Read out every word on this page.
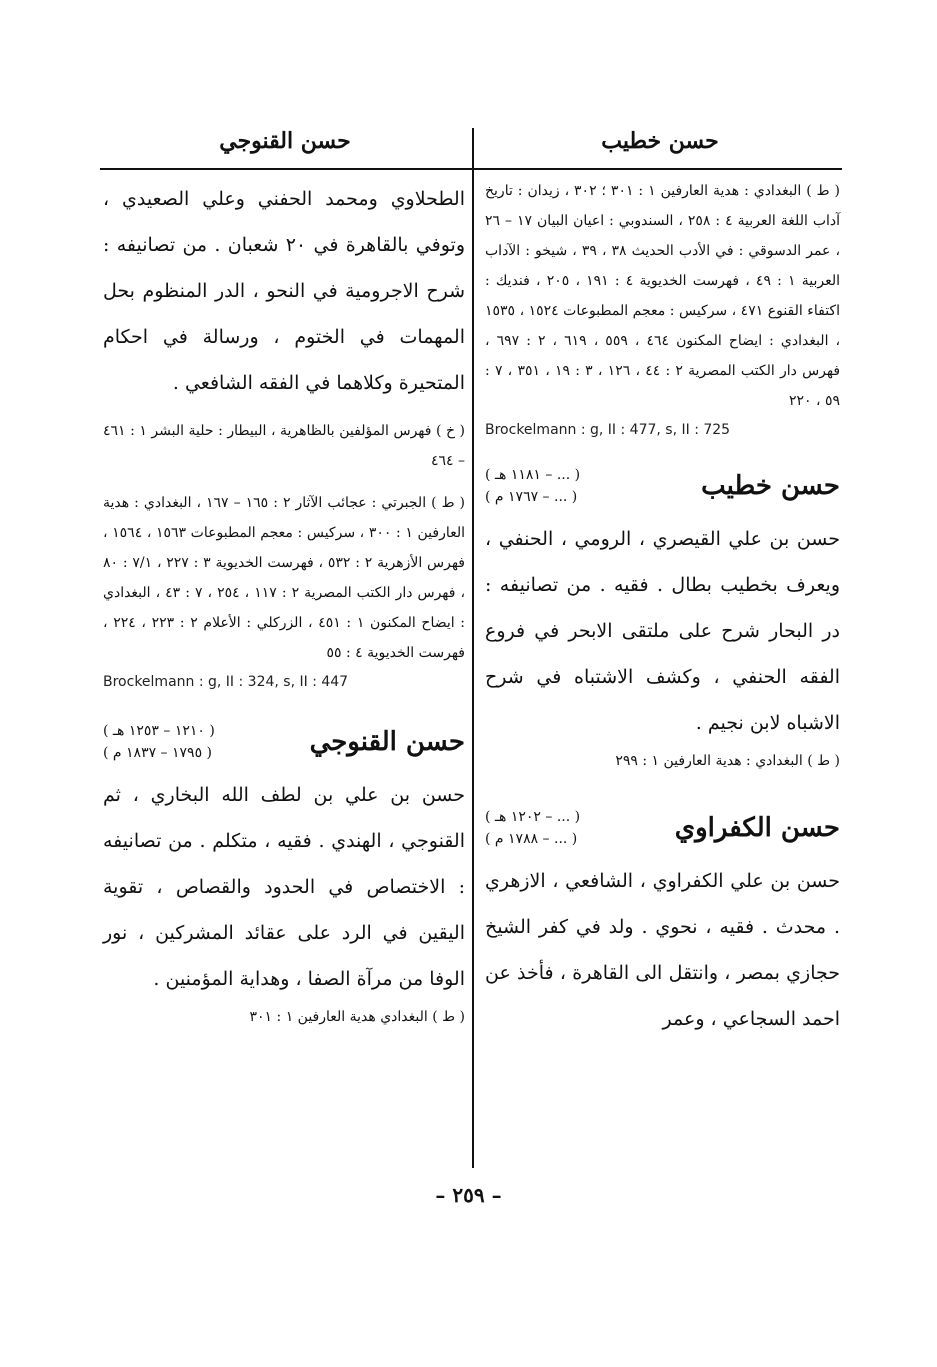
حسن خطيب
حسن القنوجي

( ط ) البغدادي : هدية العارفين ١ : ٣٠١ ؛ ٣٠٢ ، زيدان : تاريخ آداب اللغة العربية ٤ : ٢٥٨ ، السندوبي : اعيان البيان ١٧ – ٢٦ ، عمر الدسوقي : في الأدب الحديث ٣٨ ، ٣٩ ، شيخو : الآداب العربية ١ : ٤٩ ، فهرست الخديوية ٤ : ١٩١ ، ٢٠٥ ، فنديك : اكتفاء القنوع ٤٧١ ، سركيس : معجم المطبوعات ١٥٢٤ ، ١٥٣٥ ، البغدادي : ايضاح المكنون ٤٦٤ ، ٥٥٩ ، ٦١٩ ، ٢ : ٦٩٧ ، فهرس دار الكتب المصرية ٢ : ٤٤ ، ١٢٦ ، ٣ : ١٩ ، ٣٥١ ، ٧ : ٥٩ ، ٢٢٠

Brockelmann : g, II : 477, s, II : 725

حسن خطيب
( ... – ١١٨١ هـ )
( ... – ١٧٦٧ م )

حسن بن علي القيصري ، الرومي ، الحنفي ، ويعرف بخطيب بطال . فقيه . من تصانيفه : در البحار شرح على ملتقى الابحر في فروع الفقه الحنفي ، وكشف الاشتباه في شرح الاشباه لابن نجيم .

( ط ) البغدادي : هدية العارفين ١ : ٢٩٩

حسن الكفراوي
( ... – ١٢٠٢ هـ )
( ... – ١٧٨٨ م )

حسن بن علي الكفراوي ، الشافعي ، الازهري . محدث . فقيه ، نحوي . ولد في كفر الشيخ حجازي بمصر ، وانتقل الى القاهرة ، فأخذ عن احمد السجاعي ، وعمر

الطحلاوي ومحمد الحفني وعلي الصعيدي ، وتوفي بالقاهرة في ٢٠ شعبان . من تصانيفه : شرح الاجرومية في النحو ، الدر المنظوم بحل المهمات في الختوم ، ورسالة في احكام المتحيرة وكلاهما في الفقه الشافعي .

( خ ) فهرس المؤلفين بالظاهرية ، البيطار : حلية البشر ١ : ٤٦١ – ٤٦٤

( ط ) الجبرتي : عجائب الآثار ٢ : ١٦٥ – ١٦٧ ، البغدادي : هدية العارفين ١ : ٣٠٠ ، سركيس : معجم المطبوعات ١٥٦٣ ، ١٥٦٤ ، فهرس الأزهرية ٢ : ٥٣٢ ، فهرست الخديوية ٣ : ٢٢٧ ، ٧/١ : ٨٠ ، فهرس دار الكتب المصرية ٢ : ١١٧ ، ٢٥٤ ، ٧ : ٤٣ ، البغدادي : ايضاح المكنون ١ : ٤٥١ ، الزركلي : الأعلام ٢ : ٢٢٣ ، ٢٢٤ ، فهرست الخديوية ٤ : ٥٥

Brockelmann : g, II : 324, s, II : 447

حسن القنوجي
( ١٢١٠ – ١٢٥٣ هـ )
( ١٧٩٥ – ١٨٣٧ م )

حسن بن علي بن لطف الله البخاري ، ثم القنوجي ، الهندي . فقيه ، متكلم . من تصانيفه : الاختصاص في الحدود والقصاص ، تقوية اليقين في الرد على عقائد المشركين ، نور الوفا من مرآة الصفا ، وهداية المؤمنين .

( ط ) البغدادي هدية العارفين ١ : ٣٠١

– ٢٥٩ –
